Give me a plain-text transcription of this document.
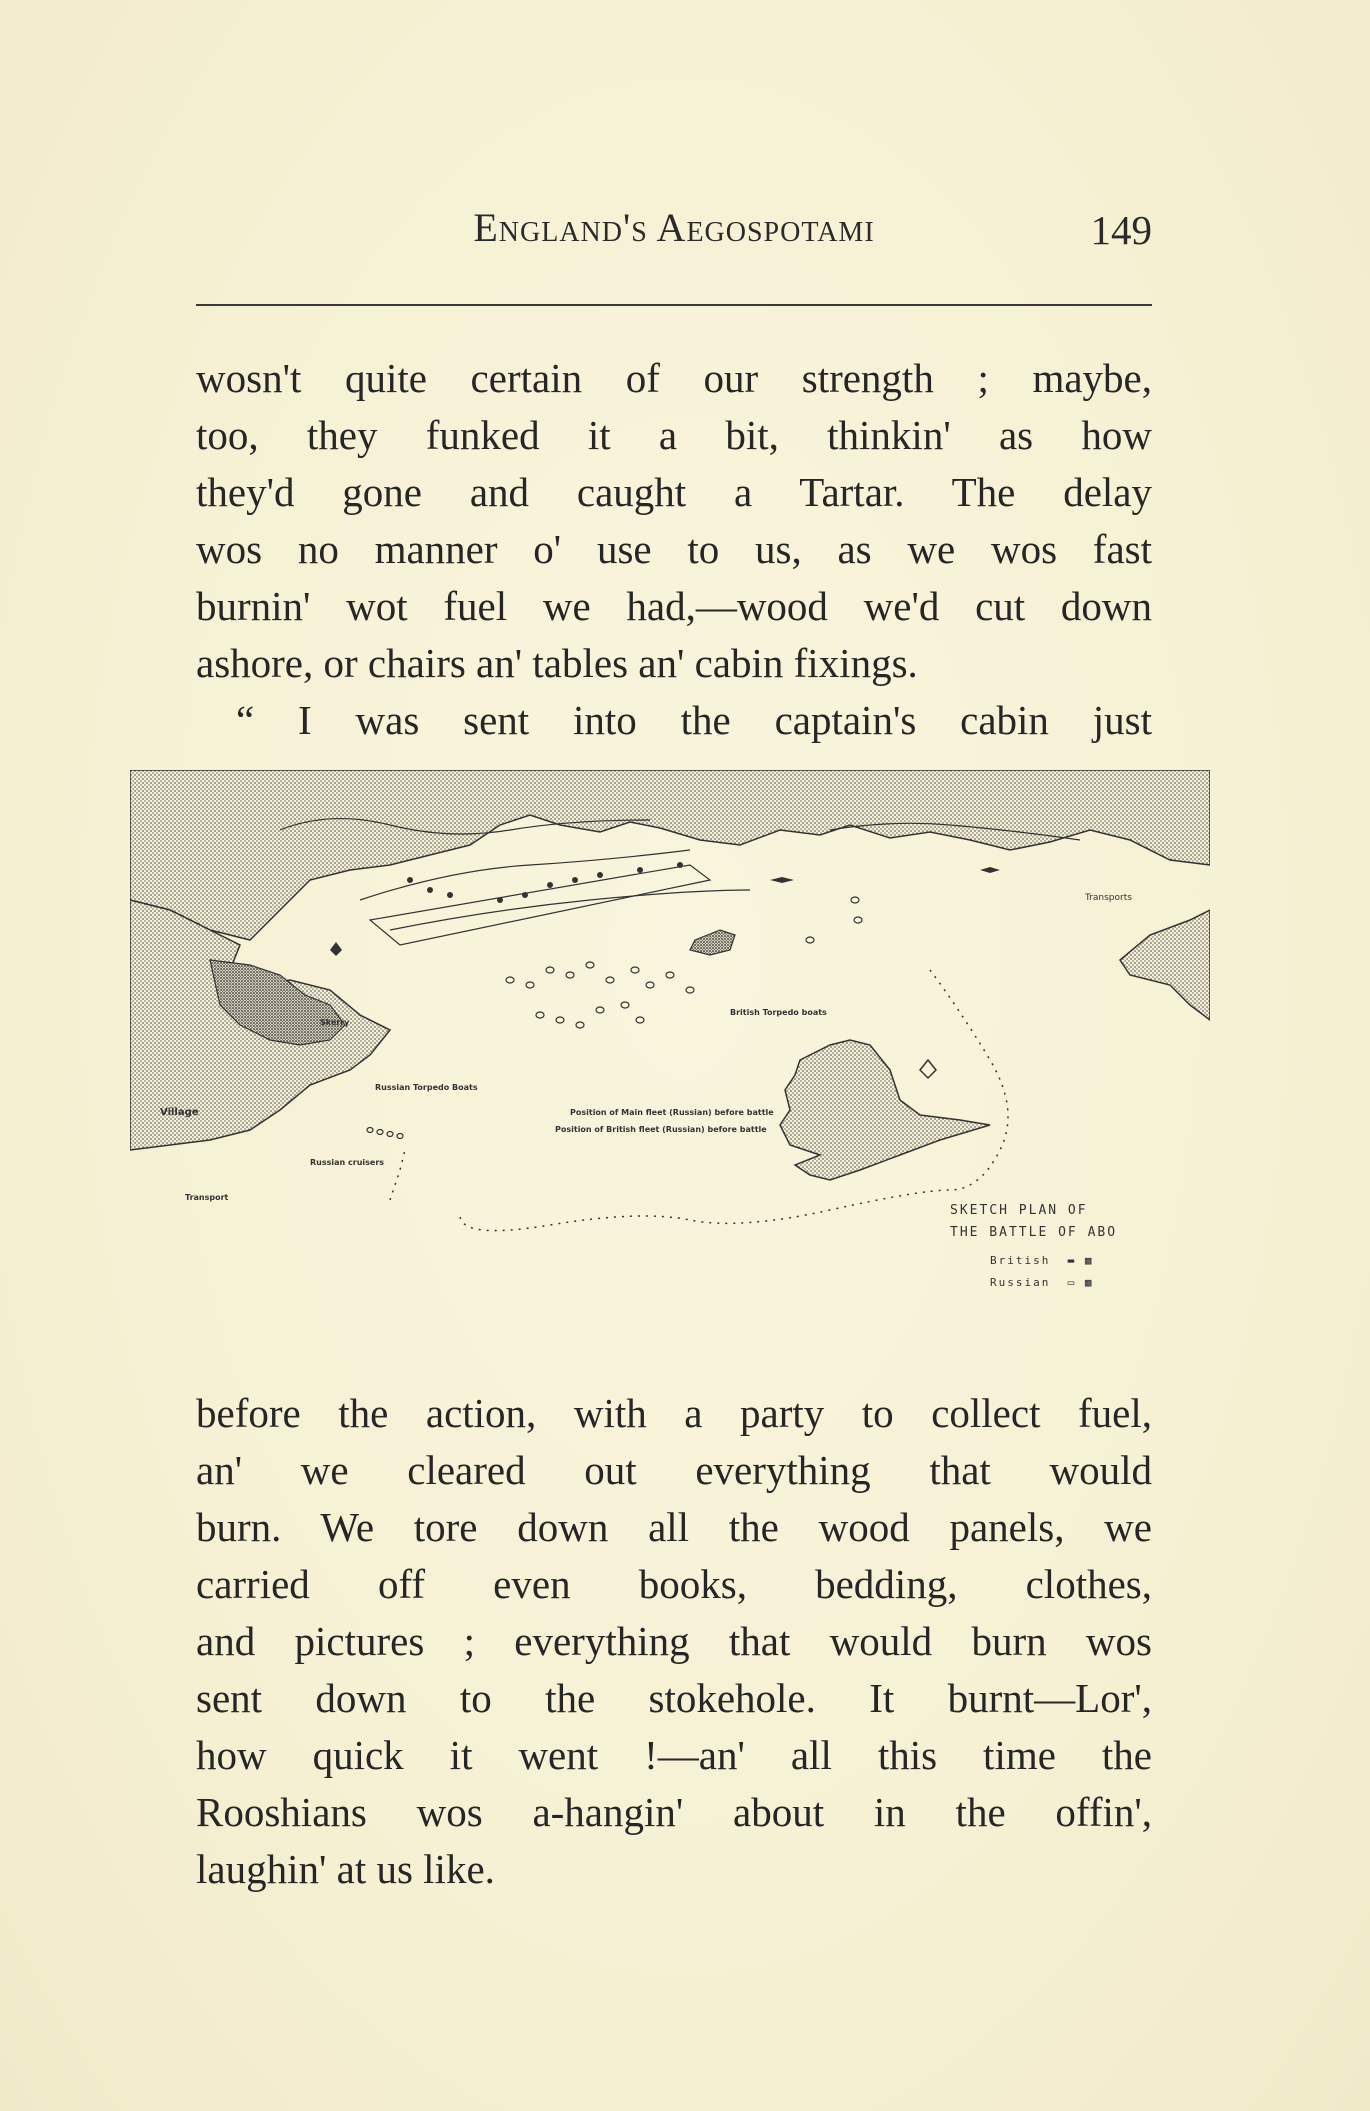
England's Aegospotami	149

wosn't quite certain of our strength ; maybe,
too, they funked it a bit, thinkin' as how
they'd gone and caught a Tartar. The delay
wos no manner o' use to us, as we wos fast
burnin' wot fuel we had,—wood we'd cut down
ashore, or chairs an' tables an' cabin fixings.

“ I was sent into the captain's cabin just

Transports
Village
Russian cruisers
Russian Torpedo Boats
British Torpedo boats
Position of Main fleet (Russian) before battle
Position of British fleet (Russian) before battle
Transport
Skerry
SKETCH PLAN OF
THE BATTLE OF ABO
British  ▬ ▩
Russian  ▭ ▩

before the action, with a party to collect fuel,
an' we cleared out everything that would
burn. We tore down all the wood panels, we
carried off even books, bedding, clothes,
and pictures ; everything that would burn wos
sent down to the stokehole. It burnt—Lor',
how quick it went !—an' all this time the
Rooshians wos a-hangin' about in the offin',
laughin' at us like.
